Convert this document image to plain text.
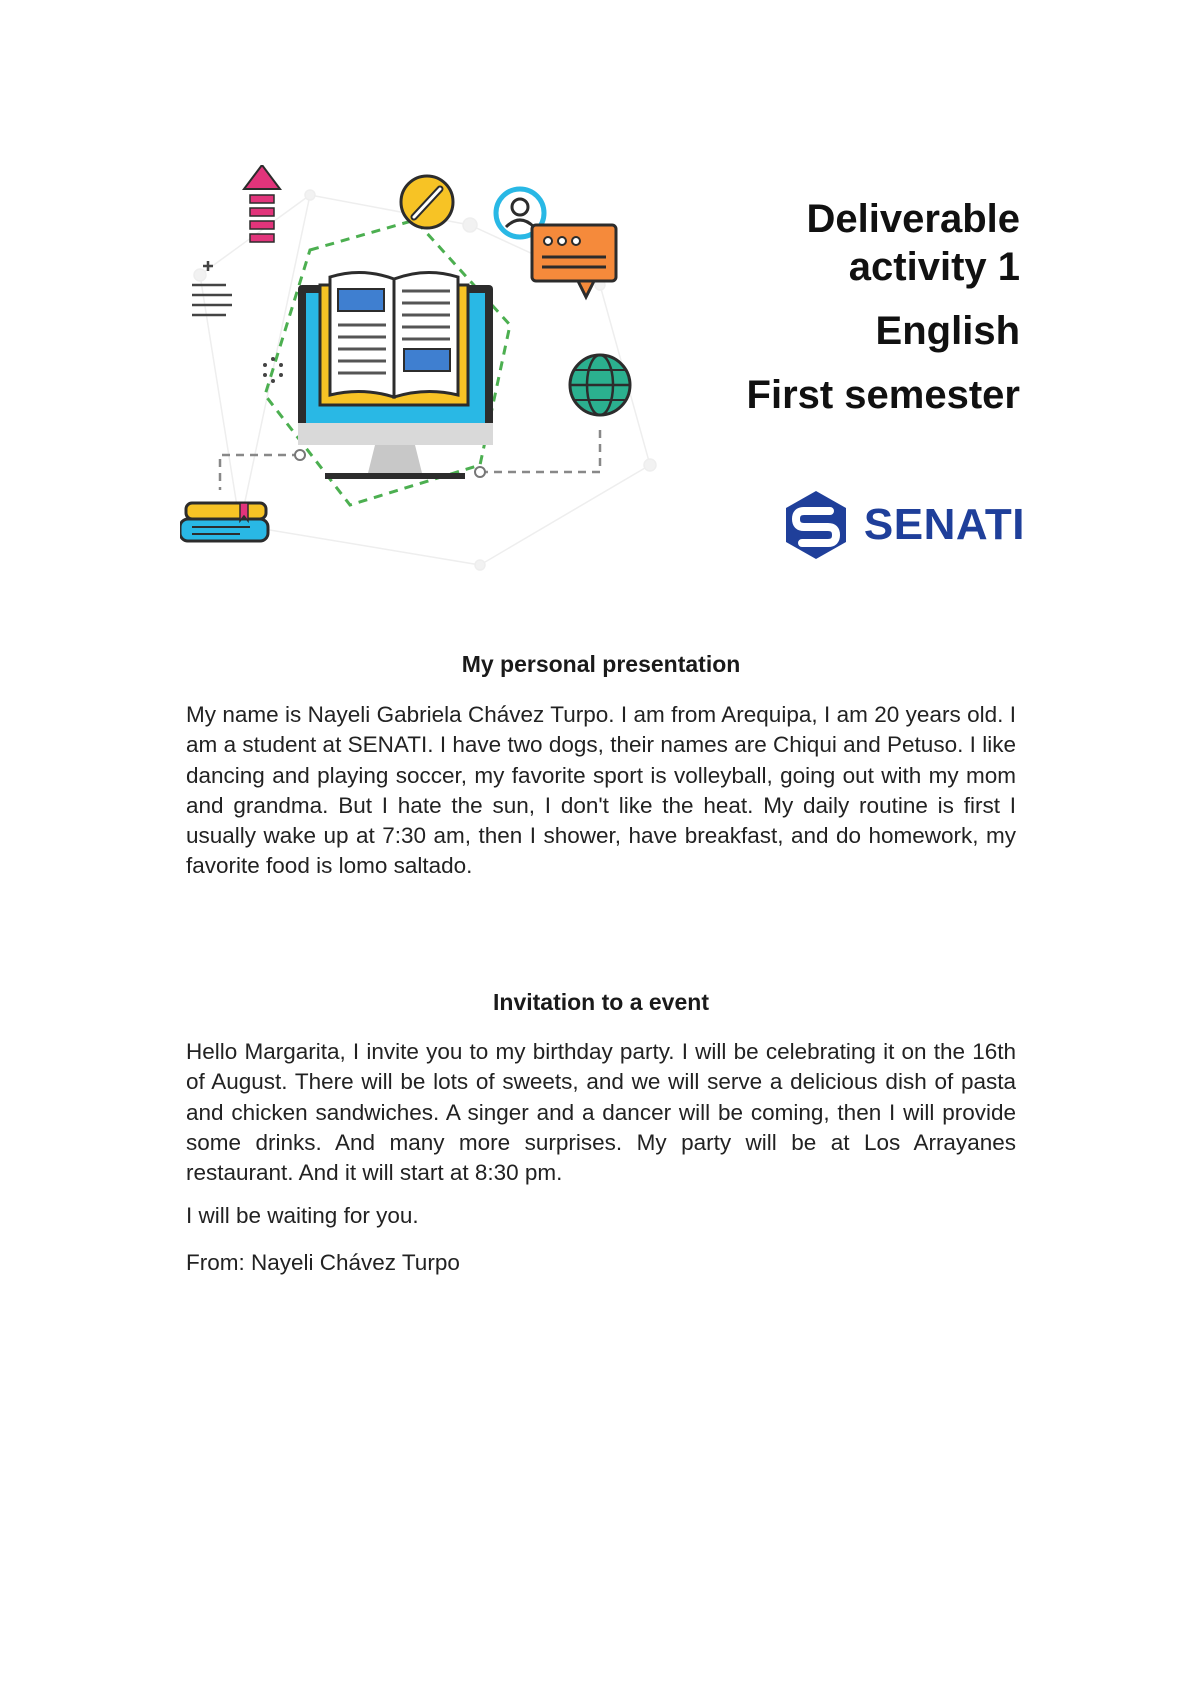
Deliverable
activity 1
English
First semester
SENATI
My personal presentation
My name is Nayeli Gabriela Chávez Turpo. I am from Arequipa, I am 20 years old. I am a student at SENATI. I have two dogs, their names are Chiqui and Petuso. I like dancing and playing soccer, my favorite sport is volleyball, going out with my mom and grandma. But I hate the sun, I don't like the heat. My daily routine is first I usually wake up at 7:30 am, then I shower, have breakfast, and do homework, my favorite food is lomo saltado.
Invitation to a event
Hello Margarita, I invite you to my birthday party. I will be celebrating it on the 16th of August. There will be lots of sweets, and we will serve a delicious dish of pasta and chicken sandwiches. A singer and a dancer will be coming, then I will provide some drinks. And many more surprises. My party will be at Los Arrayanes restaurant. And it will start at 8:30 pm.
I will be waiting for you.
From: Nayeli Chávez Turpo
